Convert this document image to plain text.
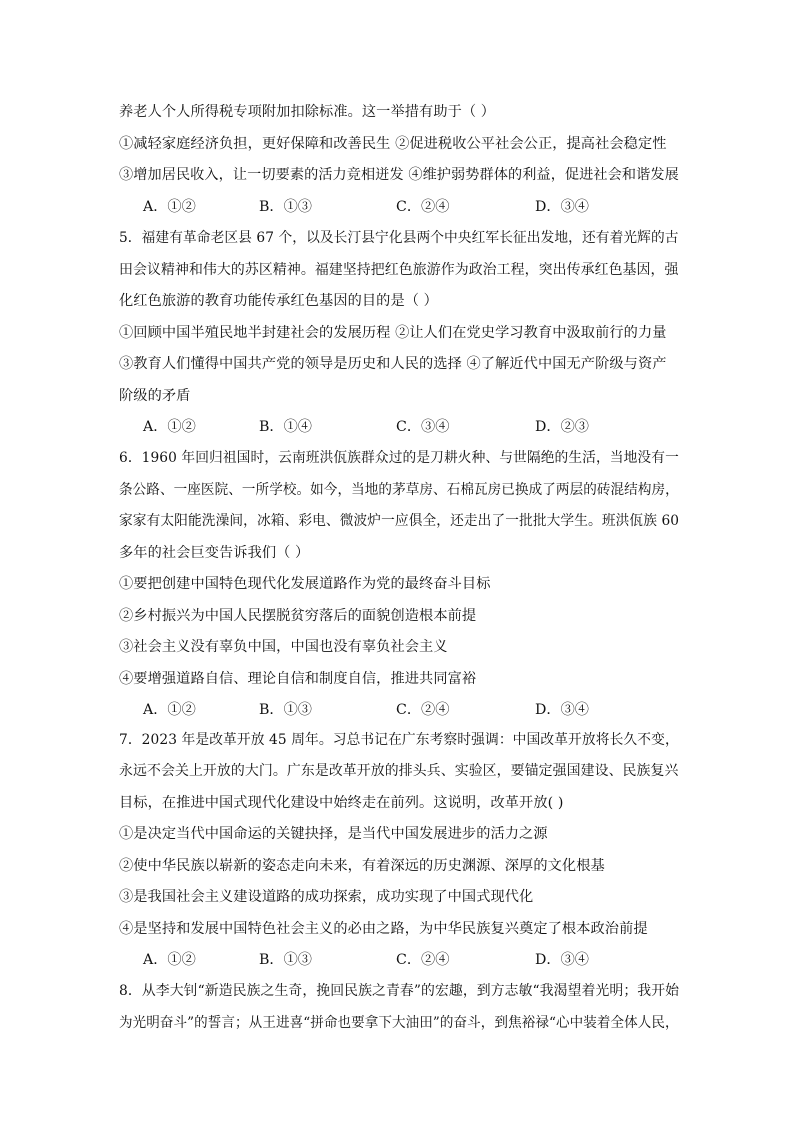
养老人个人所得税专项附加扣除标准。这一举措有助于（ ）
①减轻家庭经济负担，更好保障和改善民生 ②促进税收公平社会公正，提高社会稳定性
③增加居民收入，让一切要素的活力竞相迸发 ④维护弱势群体的利益，促进社会和谐发展
A．①②	B．①③	C．②④	D．③④
5．福建有革命老区县 67 个，以及长汀县宁化县两个中央红军长征出发地，还有着光辉的古
田会议精神和伟大的苏区精神。福建坚持把红色旅游作为政治工程，突出传承红色基因，强
化红色旅游的教育功能传承红色基因的目的是（ ）
①回顾中国半殖民地半封建社会的发展历程 ②让人们在党史学习教育中汲取前行的力量
③教育人们懂得中国共产党的领导是历史和人民的选择 ④了解近代中国无产阶级与资产
阶级的矛盾
A．①②	B．①④	C．③④	D．②③
6．1960 年回归祖国时，云南班洪佤族群众过的是刀耕火种、与世隔绝的生活，当地没有一
条公路、一座医院、一所学校。如今，当地的茅草房、石棉瓦房已换成了两层的砖混结构房，
家家有太阳能洗澡间，冰箱、彩电、微波炉一应俱全，还走出了一批批大学生。班洪佤族 60
多年的社会巨变告诉我们（ ）
①要把创建中国特色现代化发展道路作为党的最终奋斗目标
②乡村振兴为中国人民摆脱贫穷落后的面貌创造根本前提
③社会主义没有辜负中国，中国也没有辜负社会主义
④要增强道路自信、理论自信和制度自信，推进共同富裕
A．①②	B．①③	C．②④	D．③④
7．2023 年是改革开放 45 周年。习总书记在广东考察时强调：中国改革开放将长久不变，
永远不会关上开放的大门。广东是改革开放的排头兵、实验区，要锚定强国建设、民族复兴
目标，在推进中国式现代化建设中始终走在前列。这说明，改革开放( )
①是决定当代中国命运的关键抉择，是当代中国发展进步的活力之源
②使中华民族以崭新的姿态走向未来，有着深远的历史渊源、深厚的文化根基
③是我国社会主义建设道路的成功探索，成功实现了中国式现代化
④是坚持和发展中国特色社会主义的必由之路，为中华民族复兴奠定了根本政治前提
A．①②	B．①③	C．②④	D．③④
8．从李大钊“新造民族之生奇，挽回民族之青春”的宏趣，到方志敏“我渴望着光明；我开始
为光明奋斗”的誓言；从王进喜“拼命也要拿下大油田”的奋斗，到焦裕禄“心中装着全体人民，
